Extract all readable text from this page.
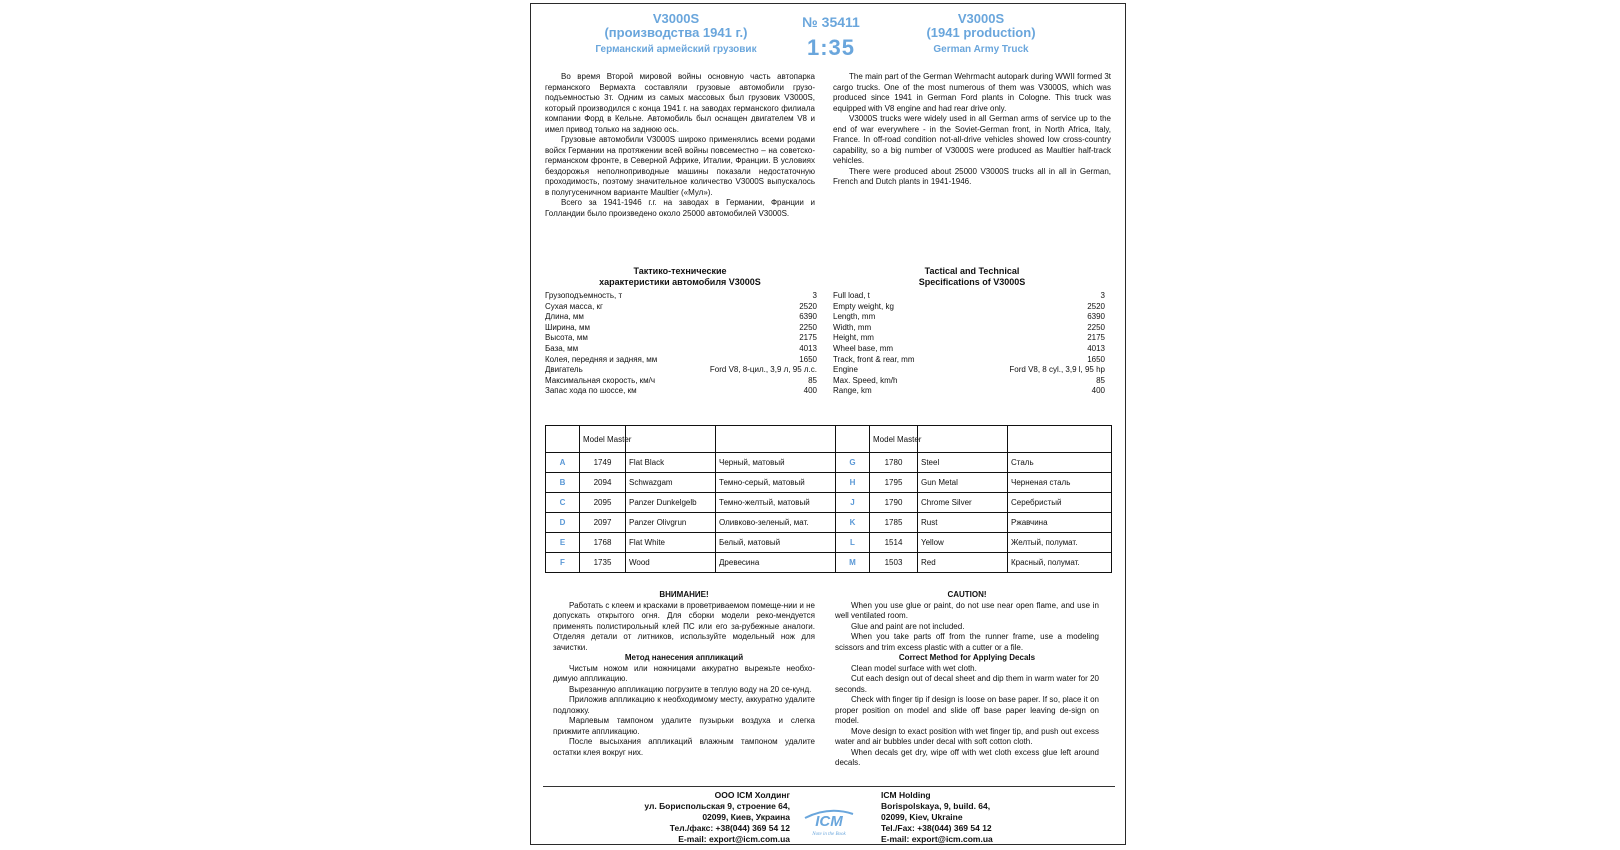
V3000S
(производства 1941 г.)
Германский армейский грузовик
№ 35411
1:35
V3000S
(1941 production)
German Army Truck

Во время Второй мировой войны основную часть автопарка германского Вермахта составляли грузовые автомобили грузо-подъемностью 3т. Одним из самых массовых был грузовик V3000S, который производился с конца 1941 г. на заводах германского филиала компании Форд в Кельне. Автомобиль был оснащен двигателем V8 и имел привод только на заднюю ось.

Грузовые автомобили V3000S широко применялись всеми родами войск Германии на протяжении всей войны повсеместно – на советско-германском фронте, в Северной Африке, Италии, Франции. В условиях бездорожья неполноприводные машины показали недостаточную проходимость, поэтому значительное количество V3000S выпускалось в полугусеничном варианте Maultier («Мул»).

Всего за 1941-1946 г.г. на заводах в Германии, Франции и Голландии было произведено около 25000 автомобилей V3000S.

The main part of the German Wehrmacht autopark during WWII formed 3t cargo trucks. One of the most numerous of them was V3000S, which was produced since 1941 in German Ford plants in Cologne. This truck was equipped with V8 engine and had rear drive only.

V3000S trucks were widely used in all German arms of service up to the end of war everywhere - in the Soviet-German front, in North Africa, Italy, France. In off-road condition not-all-drive vehicles showed low cross-country capability, so a big number of V3000S were produced as Maultier half-track vehicles.

There were produced about 25000 V3000S trucks all in all in German, French and Dutch plants in 1941-1946.

Тактико-технические
характеристики автомобиля V3000S
Tactical and Technical
Specifications of V3000S
Грузоподъемность, т	3
Сухая масса, кг	2520
Длина, мм	6390
Ширина, мм	2250
Высота, мм	2175
База, мм	4013
Колея, передняя и задняя, мм	1650
Двигатель	Ford V8, 8-цил., 3,9 л, 95 л.с.
Максимальная скорость, км/ч	85
Запас хода по шоссе, км	400
Full load, t	3
Empty weight, kg	2520
Length, mm	6390
Width, mm	2250
Height, mm	2175
Wheel base, mm	4013
Track, front & rear, mm	1650
Engine	Ford V8, 8 cyl., 3,9 l, 95 hp
Max. Speed, km/h	85
Range, km	400
	Model Master				Model Master		
A	1749	Flat Black	Черный, матовый	G	1780	Steel	Сталь
B	2094	Schwazgam	Темно-серый, матовый	H	1795	Gun Metal	Черненая сталь
C	2095	Panzer Dunkelgelb	Темно-желтый, матовый	J	1790	Chrome Silver	Серебристый
D	2097	Panzer Olivgrun	Оливково-зеленый, мат.	K	1785	Rust	Ржавчина
E	1768	Flat White	Белый, матовый	L	1514	Yellow	Желтый, полумат.
F	1735	Wood	Древесина	M	1503	Red	Красный, полумат.
ВНИМАНИЕ!

Работать с клеем и красками в проветриваемом помеще-нии и не допускать открытого огня. Для сборки модели реко-мендуется применять полистирольный клей ПС или его за-рубежные аналоги. Отделяя детали от литников, используйте модельный нож для зачистки.

Метод нанесения аппликаций

Чистым ножом или ножницами аккуратно вырежьте необхо-димую аппликацию.

Вырезанную аппликацию погрузите в теплую воду на 20 се-кунд.

Приложив аппликацию к необходимому месту, аккуратно удалите подложку.

Марлевым тампоном удалите пузырьки воздуха и слегка прижмите аппликацию.

После высыхания аппликаций влажным тампоном удалите остатки клея вокруг них.

CAUTION!

When you use glue or paint, do not use near open flame, and use in well ventilated room.

Glue and paint are not included.

When you take parts off from the runner frame, use a modeling scissors and trim excess plastic with a cutter or a file.

Correct Method for Applying Decals

Clean model surface with wet cloth.

Cut each design out of decal sheet and dip them in warm water for 20 seconds.

Check with finger tip if design is loose on base paper. If so, place it on proper position on model and slide off base paper leaving de-sign on model.

Move design to exact position with wet finger tip, and push out excess water and air bubbles under decal with soft cotton cloth.

When decals get dry, wipe off with wet cloth excess glue left around decals.

ООО ICM Холдинг
ул. Бориспольская 9, строение 64,
02099, Киев, Украина
Тел./факс: +38(044) 369 54 12
E-mail: export@icm.com.ua
ICM
Note in the Book
ICM Holding
Borispolskaya, 9, build. 64,
02099, Kiev, Ukraine
Tel./Fax: +38(044) 369 54 12
E-mail: export@icm.com.ua
